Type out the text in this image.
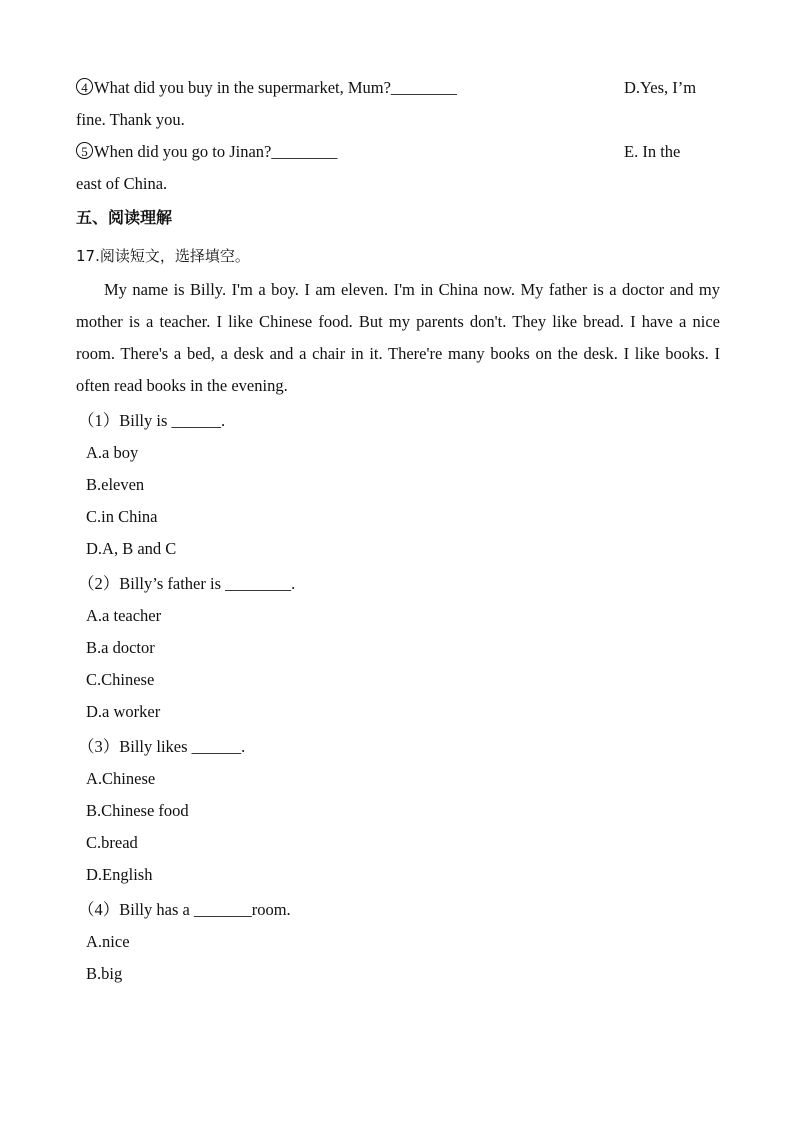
4 What did you buy in the supermarket, Mum?________	D.Yes, I’m
fine. Thank you.
5 When did you go to Jinan?________	E. In the
east of China.
五、阅读理解
17.阅读短文，选择填空。
My name is Billy. I'm a boy. I am eleven. I'm in China now. My father is a doctor and my mother is a teacher. I like Chinese food. But my parents don't. They like bread. I have a nice room. There's a bed, a desk and a chair in it. There're many books on the desk. I like books. I often read books in the evening.
（1）Billy is ______.
A.a boy
B.eleven
C.in China
D.A, B and C
（2）Billy’s father is ________.
A.a teacher
B.a doctor
C.Chinese
D.a worker
（3）Billy likes ______.
A.Chinese
B.Chinese food
C.bread
D.English
（4）Billy has a _______room.
A.nice
B.big
